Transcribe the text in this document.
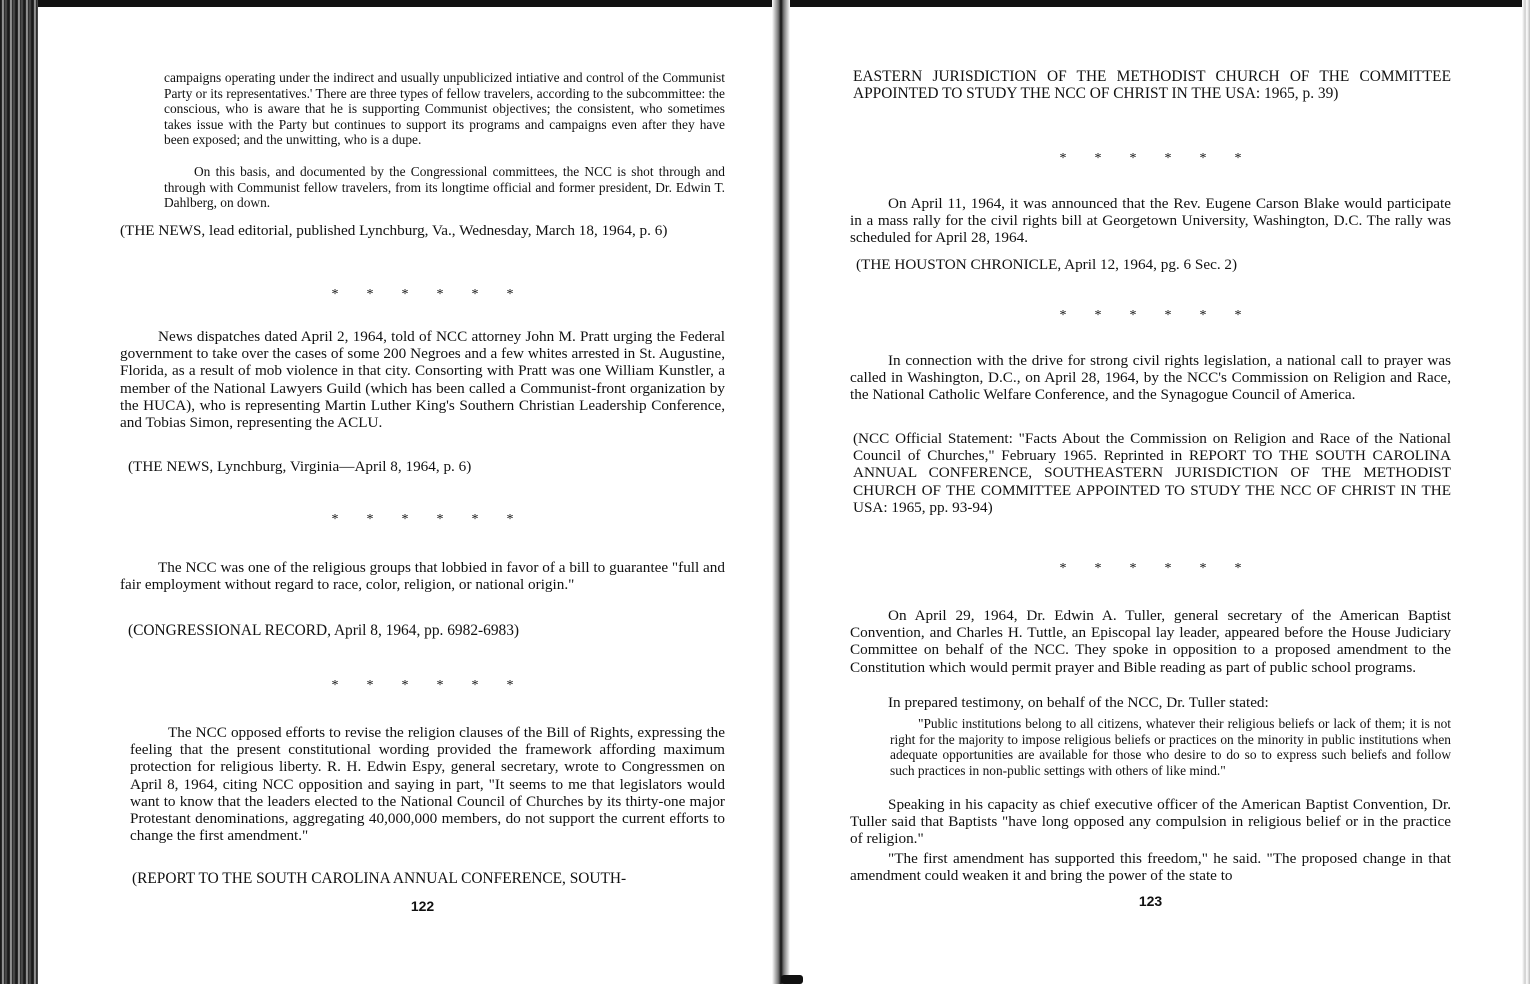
campaigns operating under the indirect and usually unpublicized intiative and control of the Communist Party or its representatives.' There are three types of fellow travelers, according to the subcommittee: the conscious, who is aware that he is supporting Communist objectives; the consistent, who sometimes takes issue with the Party but continues to support its programs and campaigns even after they have been exposed; and the unwitting, who is a dupe.

On this basis, and documented by the Congressional committees, the NCC is shot through and through with Communist fellow travelers, from its longtime official and former president, Dr. Edwin T. Dahlberg, on down.

(THE NEWS, lead editorial, published Lynchburg, Va., Wednesday, March 18, 1964, p. 6)

******

News dispatches dated April 2, 1964, told of NCC attorney John M. Pratt urging the Federal government to take over the cases of some 200 Negroes and a few whites arrested in St. Augustine, Florida, as a result of mob violence in that city. Consorting with Pratt was one William Kunstler, a member of the National Lawyers Guild (which has been called a Communist-front organization by the HUCA), who is representing Martin Luther King's Southern Christian Leadership Conference, and Tobias Simon, representing the ACLU.

(THE NEWS, Lynchburg, Virginia—April 8, 1964, p. 6)

******

The NCC was one of the religious groups that lobbied in favor of a bill to guarantee "full and fair employment without regard to race, color, religion, or national origin."

(CONGRESSIONAL RECORD, April 8, 1964, pp. 6982-6983)

******

The NCC opposed efforts to revise the religion clauses of the Bill of Rights, expressing the feeling that the present constitutional wording provided the framework affording maximum protection for religious liberty. R. H. Edwin Espy, general secretary, wrote to Congressmen on April 8, 1964, citing NCC opposition and saying in part, "It seems to me that legislators would want to know that the leaders elected to the National Council of Churches by its thirty-one major Protestant denominations, aggregating 40,000,000 members, do not support the current efforts to change the first amendment."

(REPORT TO THE SOUTH CAROLINA ANNUAL CONFERENCE, SOUTH-

122

EASTERN JURISDICTION OF THE METHODIST CHURCH OF THE COMMITTEE APPOINTED TO STUDY THE NCC OF CHRIST IN THE USA: 1965, p. 39)

******

On April 11, 1964, it was announced that the Rev. Eugene Carson Blake would participate in a mass rally for the civil rights bill at Georgetown University, Washington, D.C. The rally was scheduled for April 28, 1964.

(THE HOUSTON CHRONICLE, April 12, 1964, pg. 6 Sec. 2)

******

In connection with the drive for strong civil rights legislation, a national call to prayer was called in Washington, D.C., on April 28, 1964, by the NCC's Commission on Religion and Race, the National Catholic Welfare Conference, and the Synagogue Council of America.

(NCC Official Statement: "Facts About the Commission on Religion and Race of the National Council of Churches," February 1965. Reprinted in REPORT TO THE SOUTH CAROLINA ANNUAL CONFERENCE, SOUTHEASTERN JURISDICTION OF THE METHODIST CHURCH OF THE COMMITTEE APPOINTED TO STUDY THE NCC OF CHRIST IN THE USA: 1965, pp. 93-94)

******

On April 29, 1964, Dr. Edwin A. Tuller, general secretary of the American Baptist Convention, and Charles H. Tuttle, an Episcopal lay leader, appeared before the House Judiciary Committee on behalf of the NCC. They spoke in opposition to a proposed amendment to the Constitution which would permit prayer and Bible reading as part of public school programs.

In prepared testimony, on behalf of the NCC, Dr. Tuller stated:

"Public institutions belong to all citizens, whatever their religious beliefs or lack of them; it is not right for the majority to impose religious beliefs or practices on the minority in public institutions when adequate opportunities are available for those who desire to do so to express such beliefs and follow such practices in non-public settings with others of like mind."

Speaking in his capacity as chief executive officer of the American Baptist Convention, Dr. Tuller said that Baptists "have long opposed any compulsion in religious belief or in the practice of religion."

"The first amendment has supported this freedom," he said. "The proposed change in that amendment could weaken it and bring the power of the state to

123
